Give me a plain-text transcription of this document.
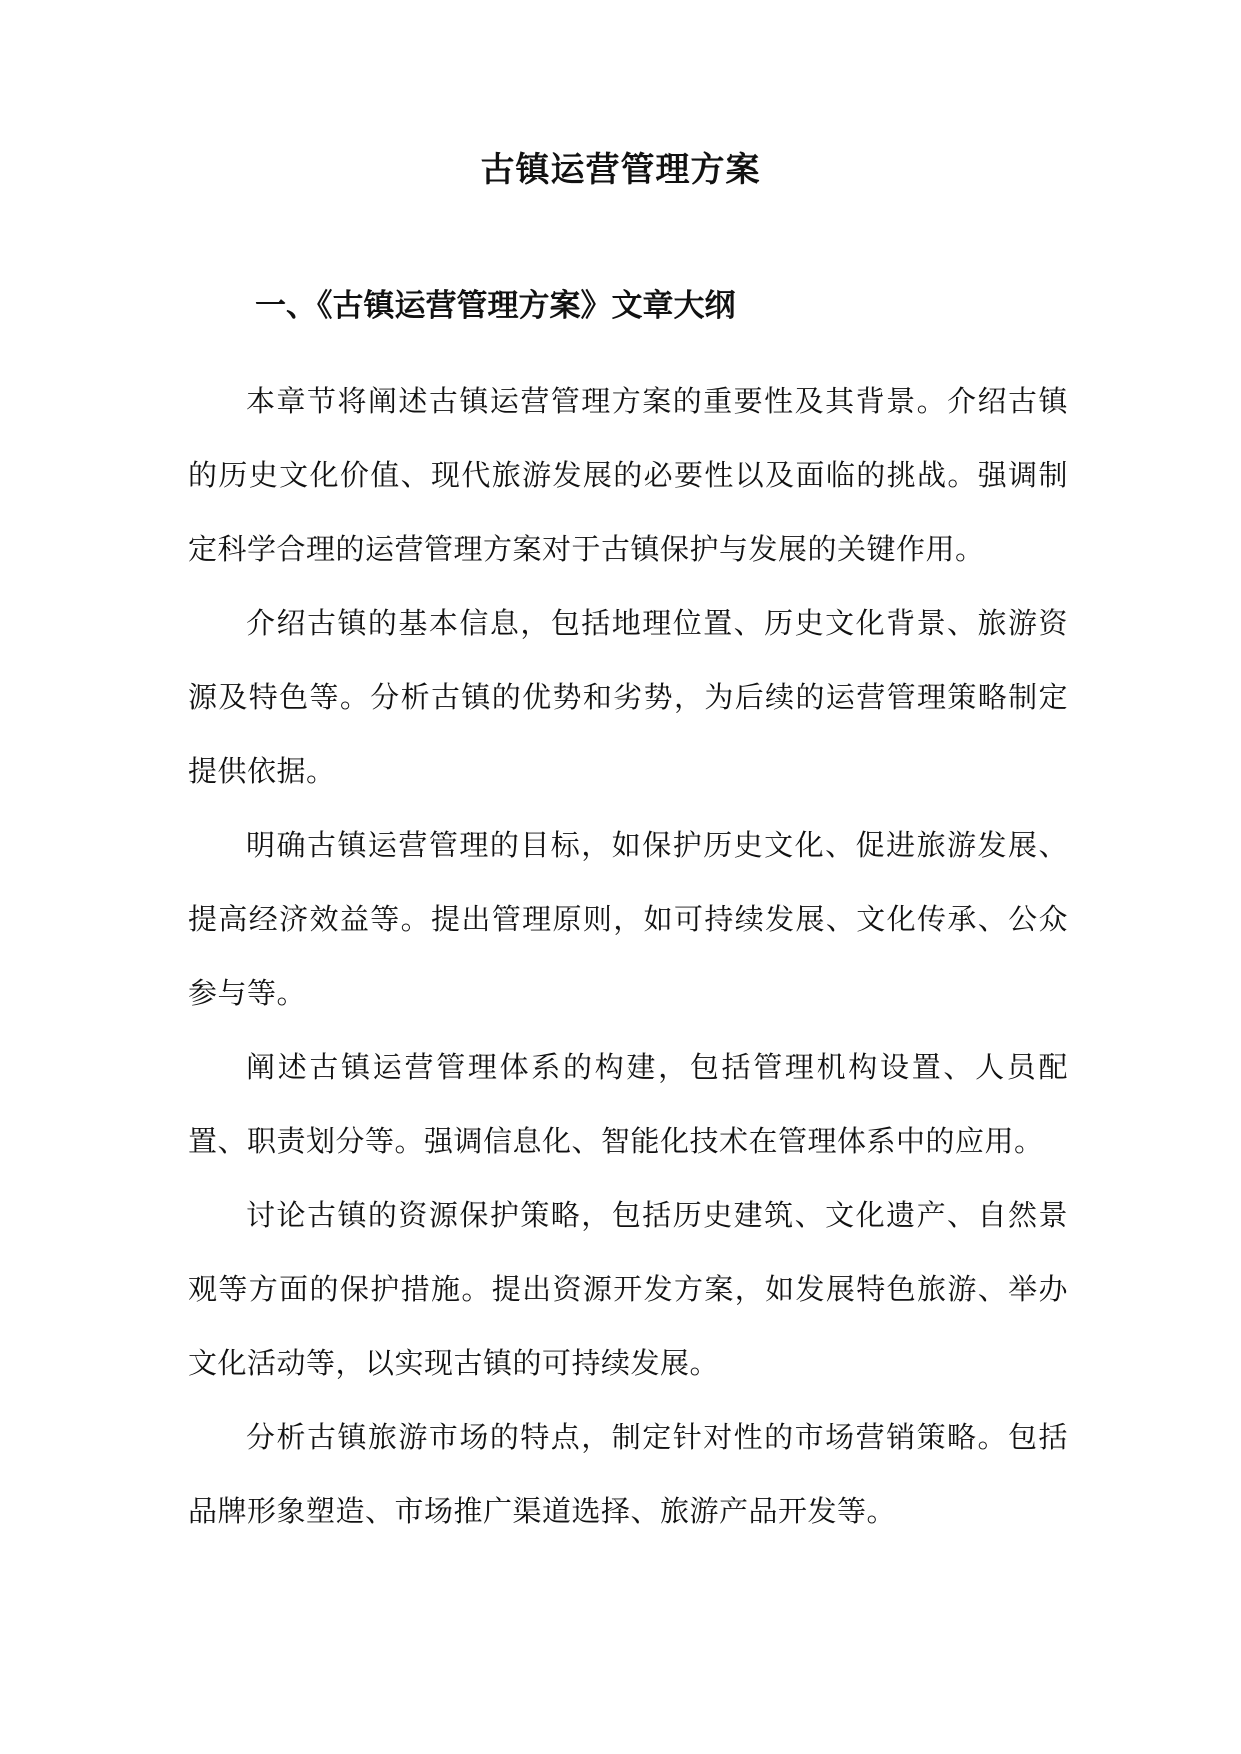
古镇运营管理方案
一、《古镇运营管理方案》文章大纲

本章节将阐述古镇运营管理方案的重要性及其背景。介绍古镇的历史文化价值、现代旅游发展的必要性以及面临的挑战。强调制定科学合理的运营管理方案对于古镇保护与发展的关键作用。

介绍古镇的基本信息，包括地理位置、历史文化背景、旅游资源及特色等。分析古镇的优势和劣势，为后续的运营管理策略制定提供依据。

明确古镇运营管理的目标，如保护历史文化、促进旅游发展、提高经济效益等。提出管理原则，如可持续发展、文化传承、公众参与等。

阐述古镇运营管理体系的构建，包括管理机构设置、人员配置、职责划分等。强调信息化、智能化技术在管理体系中的应用。

讨论古镇的资源保护策略，包括历史建筑、文化遗产、自然景观等方面的保护措施。提出资源开发方案，如发展特色旅游、举办文化活动等，以实现古镇的可持续发展。

分析古镇旅游市场的特点，制定针对性的市场营销策略。包括品牌形象塑造、市场推广渠道选择、旅游产品开发等。
